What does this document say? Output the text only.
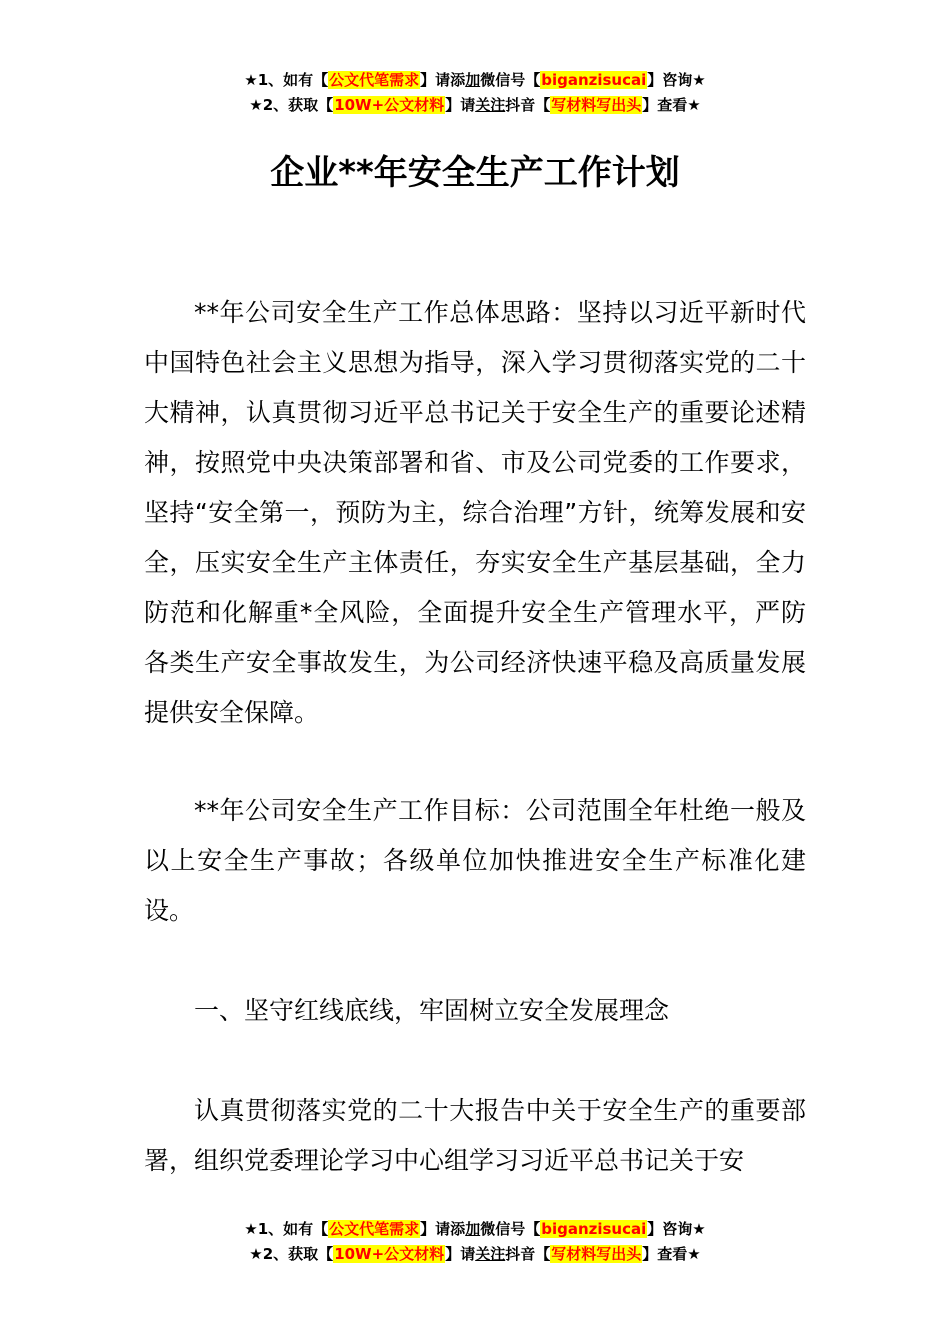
★1、如有【公文代笔需求】请添加微信号【biganzisucai】咨询★
★2、获取【10W+公文材料】请关注抖音【写材料写出头】查看★
企业**年安全生产工作计划

**年公司安全生产工作总体思路：坚持以习近平新时代中国特色社会主义思想为指导，深入学习贯彻落实党的二十大精神，认真贯彻习近平总书记关于安全生产的重要论述精神，按照党中央决策部署和省、市及公司党委的工作要求，坚持“安全第一，预防为主，综合治理”方针，统筹发展和安全，压实安全生产主体责任，夯实安全生产基层基础，全力防范和化解重*全风险，全面提升安全生产管理水平，严防各类生产安全事故发生，为公司经济快速平稳及高质量发展提供安全保障。

**年公司安全生产工作目标：公司范围全年杜绝一般及以上安全生产事故；各级单位加快推进安全生产标准化建设。

一、坚守红线底线，牢固树立安全发展理念

认真贯彻落实党的二十大报告中关于安全生产的重要部署，组织党委理论学习中心组学习习近平总书记关于安

★1、如有【公文代笔需求】请添加微信号【biganzisucai】咨询★
★2、获取【10W+公文材料】请关注抖音【写材料写出头】查看★
